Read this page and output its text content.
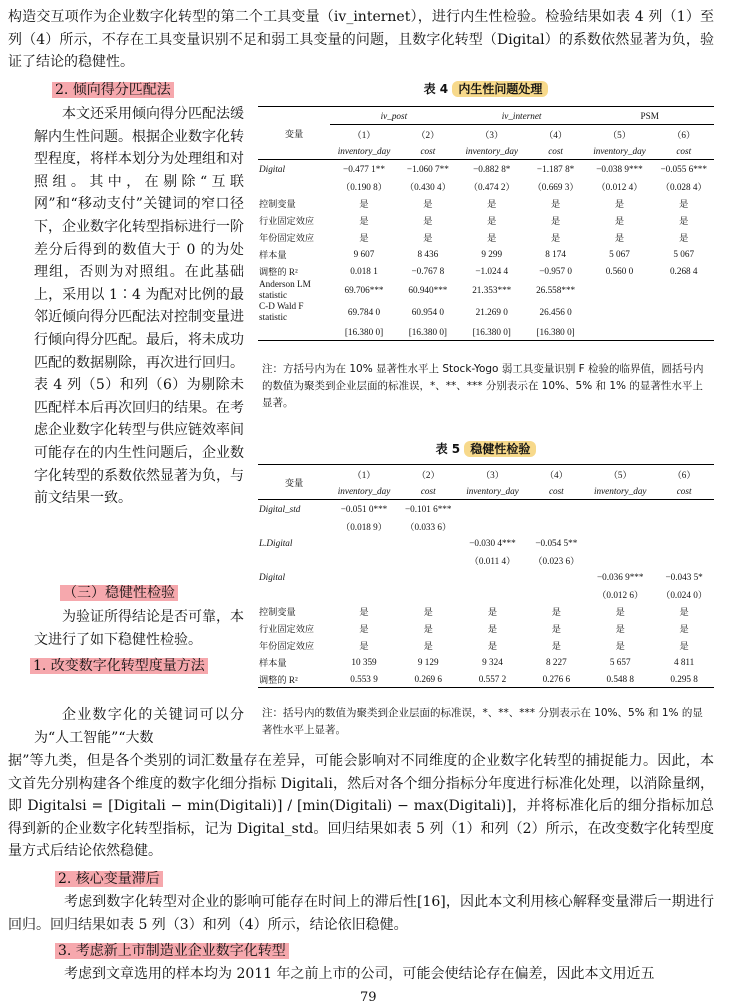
构造交互项作为企业数字化转型的第二个工具变量（iv_internet），进行内生性检验。检验结果如表 4 列（1）至列（4）所示，不存在工具变量识别不足和弱工具变量的问题，且数字化转型（Digital）的系数依然显著为负，验证了结论的稳健性。

2. 倾向得分匹配法

本文还采用倾向得分匹配法缓解内生性问题。根据企业数字化转型程度，将样本划分为处理组和对照组。其中，在剔除“互联网”和“移动支付”关键词的窄口径下，企业数字化转型指标进行一阶差分后得到的数值大于 0 的为处理组，否则为对照组。在此基础上，采用以 1∶4 为配对比例的最邻近倾向得分匹配法对控制变量进行倾向得分匹配。最后，将未成功匹配的数据剔除，再次进行回归。表 4 列（5）和列（6）为剔除未匹配样本后再次回归的结果。在考虑企业数字化转型与供应链效率间可能存在的内生性问题后，企业数字化转型的系数依然显著为负，与前文结果一致。

（三）稳健性检验

为验证所得结论是否可靠，本文进行了如下稳健性检验。

1. 改变数字化转型度量方法

企业数字化的关键词可以分为“人工智能”“大数

据”等九类，但是各个类别的词汇数量存在差异，可能会影响对不同维度的企业数字化转型的捕捉能力。因此，本文首先分别构建各个维度的数字化细分指标 Digitali，然后对各个细分指标分年度进行标准化处理，以消除量纲，即 Digitalsi = [Digitali − min(Digitali)] / [min(Digitali) − max(Digitali)]，并将标准化后的细分指标加总得到新的企业数字化转型指标，记为 Digital_std。回归结果如表 5 列（1）和列（2）所示，在改变数字化转型度量方式后结论依然稳健。

2. 核心变量滞后

考虑到数字化转型对企业的影响可能存在时间上的滞后性[16]，因此本文利用核心解释变量滞后一期进行回归。回归结果如表 5 列（3）和列（4）所示，结论依旧稳健。

3. 考虑新上市制造业企业数字化转型

考虑到文章选用的样本均为 2011 年之前上市的公司，可能会使结论存在偏差，因此本文用近五

79
表 4 内生性问题处理
变量	iv_post		iv_internet		PSM	
	（1）	（2）	（3）	（4）	（5）	（6）
	inventory_day	cost	inventory_day	cost	inventory_day	cost
Digital	−0.477 1**	−1.060 7**	−0.882 8*	−1.187 8*	−0.038 9***	−0.055 6***
	（0.190 8）	（0.430 4）	（0.474 2）	（0.669 3）	（0.012 4）	（0.028 4）
控制变量	是	是	是	是	是	是
行业固定效应	是	是	是	是	是	是
年份固定效应	是	是	是	是	是	是
样本量	9 607	8 436	9 299	8 174	5 067	5 067
调整的 R²	0.018 1	−0.767 8	−1.024 4	−0.957 0	0.560 0	0.268 4
Anderson LM statistic	69.706***	60.940***	21.353***	26.558***		
C-D Wald F statistic	69.784 0	60.954 0	21.269 0	26.456 0		
	[16.380 0]	[16.380 0]	[16.380 0]	[16.380 0]		
注：方括号内为在 10% 显著性水平上 Stock-Yogo 弱工具变量识别 F 检验的临界值，圆括号内的数值为聚类到企业层面的标准误，*、**、*** 分别表示在 10%、5% 和 1% 的显著性水平上显著。
表 5 稳健性检验
变量	（1）	（2）	（3）	（4）	（5）	（6）
	inventory_day	cost	inventory_day	cost	inventory_day	cost
Digital_std	−0.051 0***	−0.101 6***				
	（0.018 9）	（0.033 6）				
L.Digital			−0.030 4***	−0.054 5**		
			（0.011 4）	（0.023 6）		
Digital					−0.036 9***	−0.043 5*
					（0.012 6）	（0.024 0）
控制变量	是	是	是	是	是	是
行业固定效应	是	是	是	是	是	是
年份固定效应	是	是	是	是	是	是
样本量	10 359	9 129	9 324	8 227	5 657	4 811
调整的 R²	0.553 9	0.269 6	0.557 2	0.276 6	0.548 8	0.295 8
注：括号内的数值为聚类到企业层面的标准误，*、**、*** 分别表示在 10%、5% 和 1% 的显著性水平上显著。
